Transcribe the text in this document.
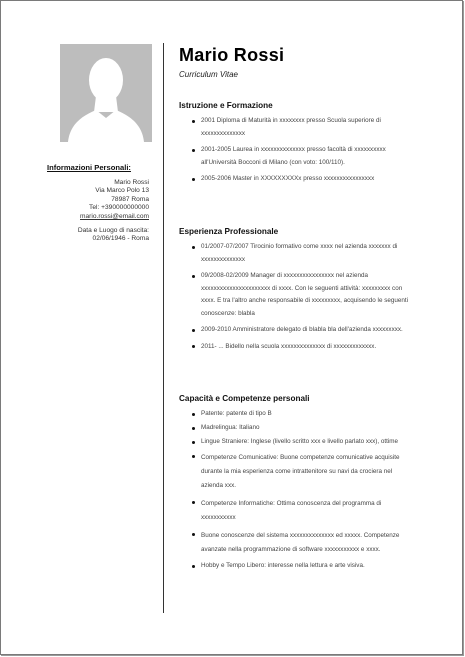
Informazioni Personali:
Mario Rossi
Via Marco Polo 13
78987 Roma
Tel: +390000000000
mario.rossi@email.com
Data e Luogo di nascita:
02/06/1946 - Roma
Mario Rossi
Curriculum Vitae
Istruzione e Formazione
2001 Diploma di Maturità in xxxxxxxx presso Scuola superiore di xxxxxxxxxxxxxx
2001-2005 Laurea in xxxxxxxxxxxxxx presso facoltà di xxxxxxxxxx all'Università Bocconi di Milano (con voto: 100/110).
2005-2006 Master in XXXXXXXXXx presso xxxxxxxxxxxxxxxx
Esperienza Professionale
01/2007-07/2007 Tirocinio formativo come xxxx nel azienda xxxxxxx di xxxxxxxxxxxxxx
09/2008-02/2009 Manager di xxxxxxxxxxxxxxxx nel azienda xxxxxxxxxxxxxxxxxxxxxx di xxxx. Con le seguenti attività: xxxxxxxxx con xxxx. E tra l'altro anche responsabile di xxxxxxxxx, acquisendo le seguenti conoscenze: blabla
2009-2010 Amministratore delegato di blabla bla dell'azienda xxxxxxxxx.
2011- ... Bidello nella scuola xxxxxxxxxxxxxx di xxxxxxxxxxxxx.
Capacità e Competenze personali
Patente: patente di tipo B
Madrelingua: Italiano
Lingue Straniere: Inglese (livello scritto xxx e livello parlato xxx), ottime
Competenze Comunicative: Buone competenze comunicative acquisite durante la mia esperienza come intrattenitore su navi da crociera nel azienda xxx.
Competenze Informatiche: Ottima conoscenza del programma di xxxxxxxxxxx
Buone conoscenze del sistema xxxxxxxxxxxxxx ed xxxxx. Competenze avanzate nella programmazione di software xxxxxxxxxxx e xxxx.
Hobby e Tempo Libero: interesse nella lettura e arte visiva.
